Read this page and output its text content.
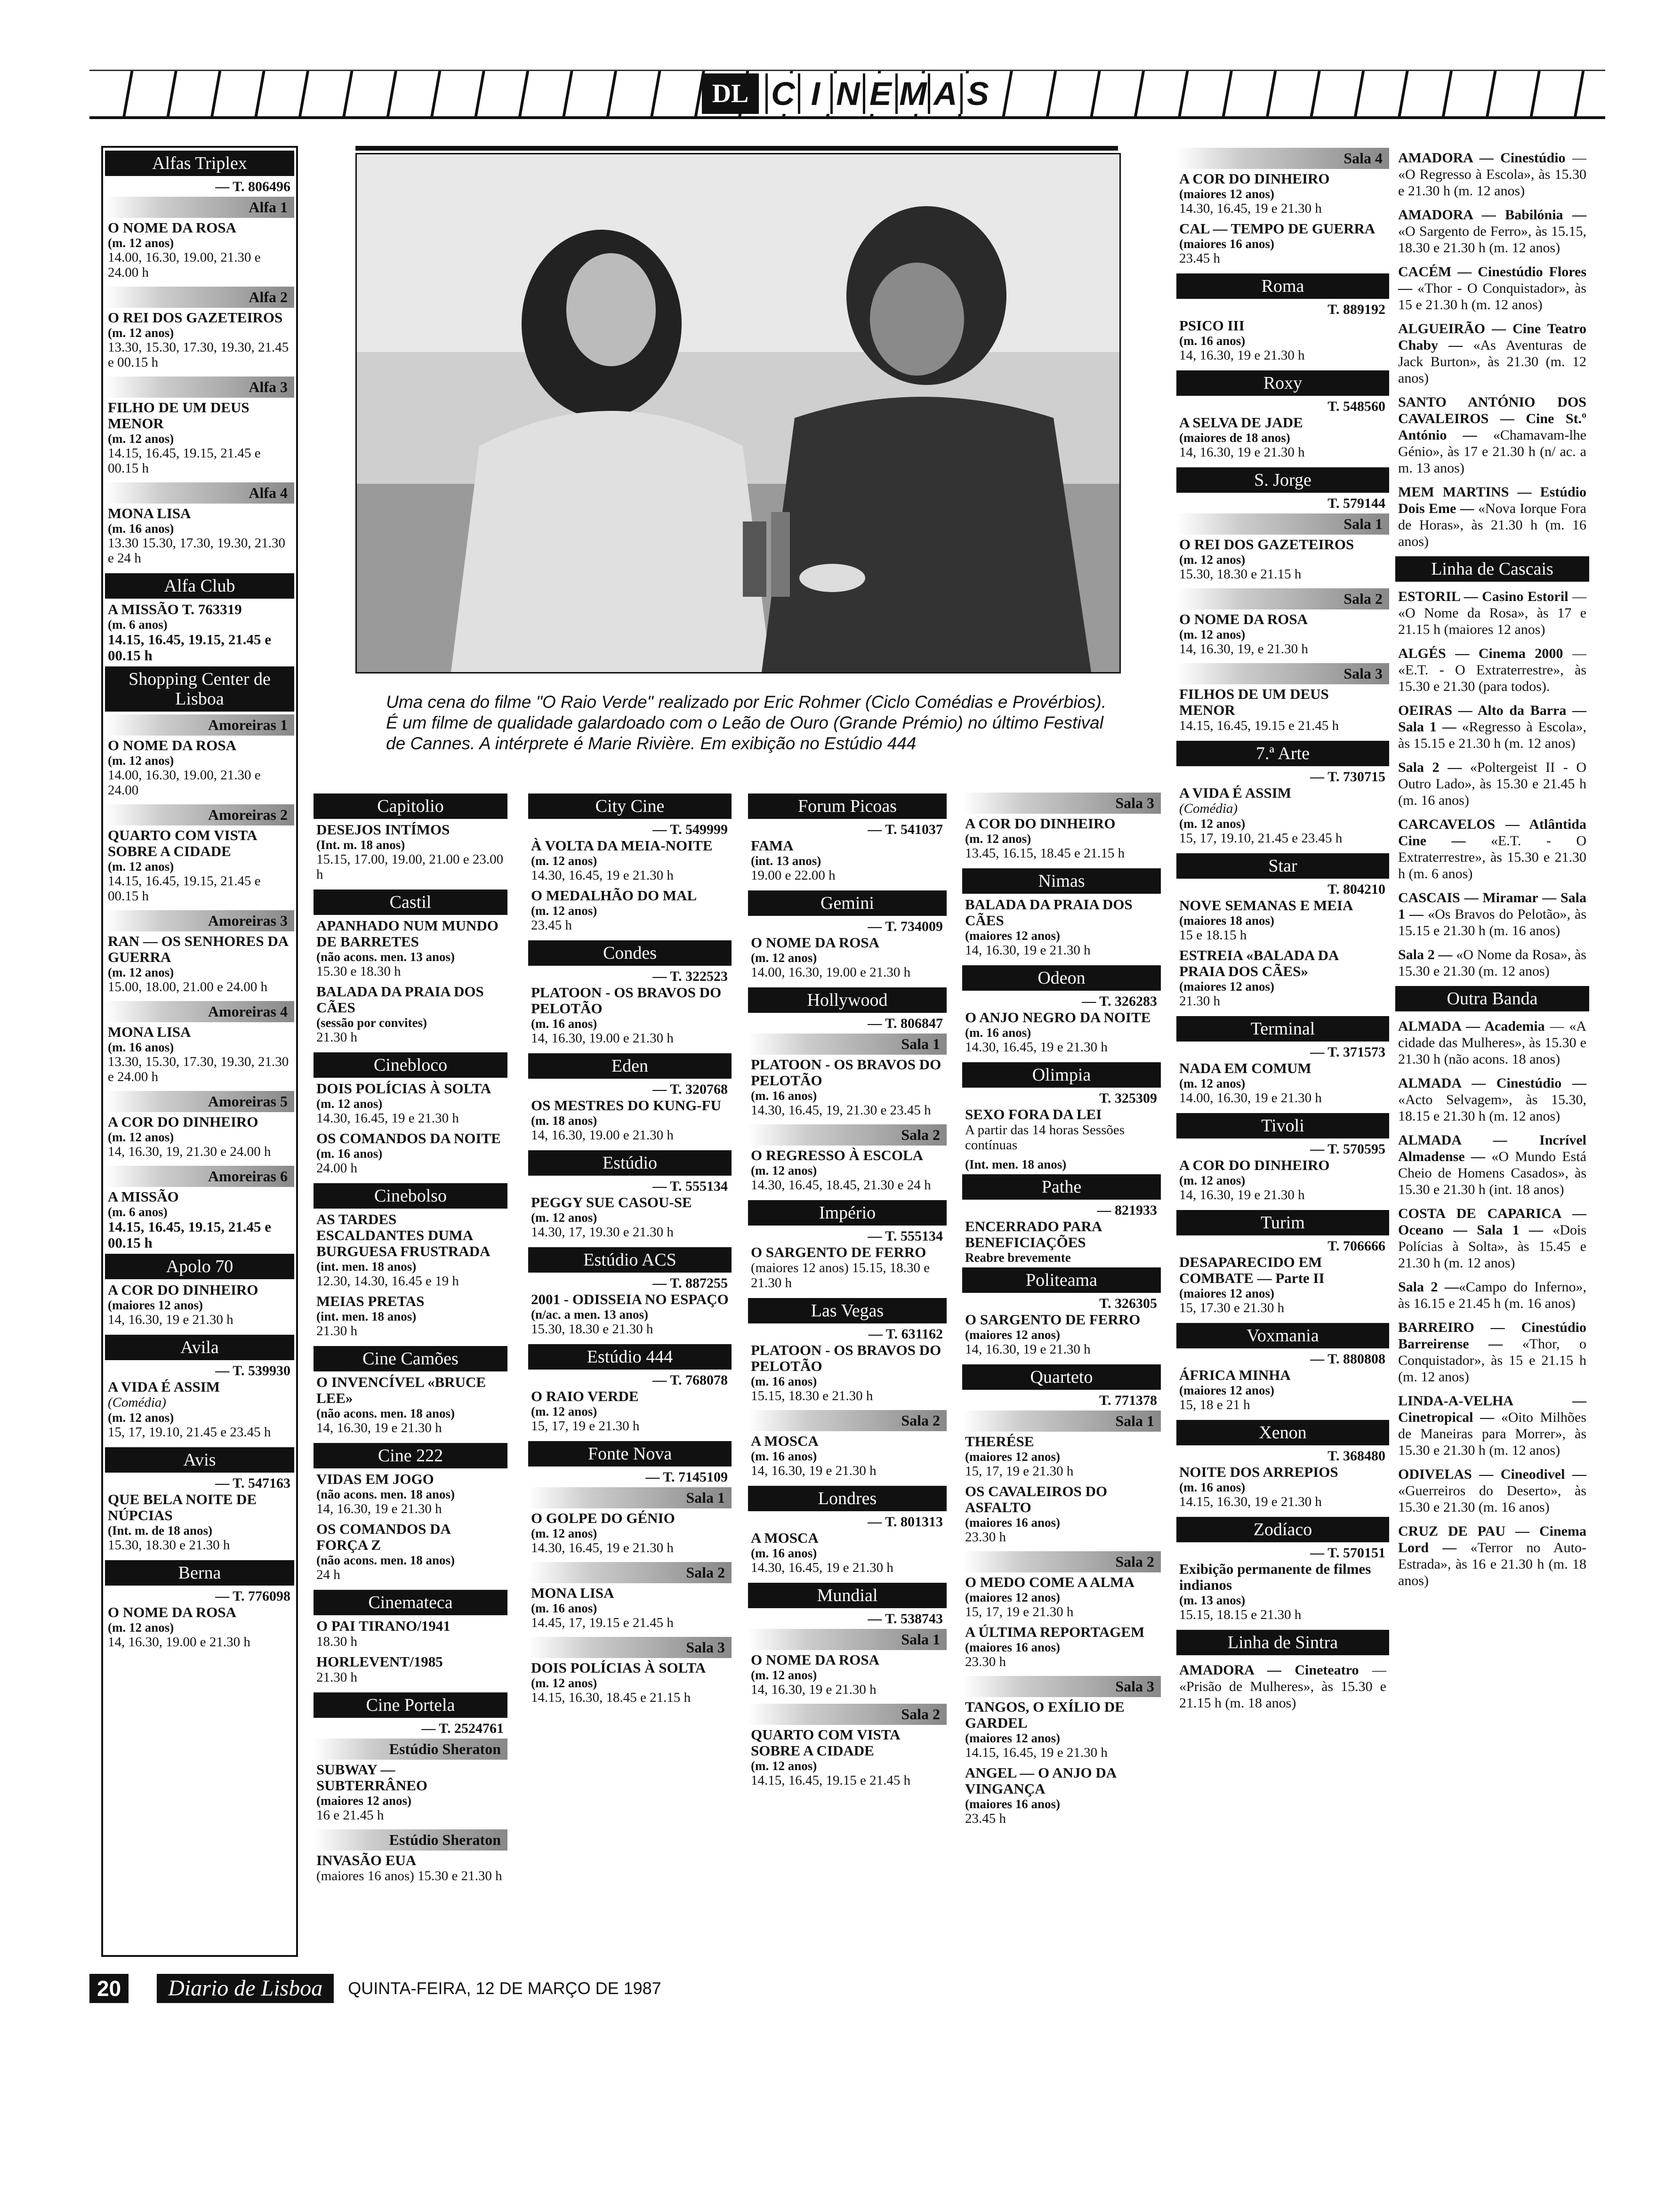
DL C I N E M A S
Alfas Triplex
— T. 806496
Alfa 1
O NOME DA ROSA
(m. 12 anos)
14.00, 16.30, 19.00, 21.30 e 24.00 h
Alfa 2
O REI DOS GAZETEIROS
(m. 12 anos)
13.30, 15.30, 17.30, 19.30, 21.45 e 00.15 h
Alfa 3
FILHO DE UM DEUS MENOR
(m. 12 anos)
14.15, 16.45, 19.15, 21.45 e 00.15 h
Alfa 4
MONA LISA
(m. 16 anos)
13.30 15.30, 17.30, 19.30, 21.30 e 24 h
Alfa Club
A MISSÃO T. 763319
(m. 6 anos)
14.15, 16.45, 19.15, 21.45 e 00.15 h
Shopping Center de Lisboa
Amoreiras 1
O NOME DA ROSA
(m. 12 anos)
14.00, 16.30, 19.00, 21.30 e 24.00
Amoreiras 2
QUARTO COM VISTA SOBRE A CIDADE
(m. 12 anos)
14.15, 16.45, 19.15, 21.45 e 00.15 h
Amoreiras 3
RAN — OS SENHORES DA GUERRA
(m. 12 anos)
15.00, 18.00, 21.00 e 24.00 h
Amoreiras 4
MONA LISA
(m. 16 anos)
13.30, 15.30, 17.30, 19.30, 21.30 e 24.00 h
Amoreiras 5
A COR DO DINHEIRO
(m. 12 anos)
14, 16.30, 19, 21.30 e 24.00 h
Amoreiras 6
A MISSÃO
(m. 6 anos)
14.15, 16.45, 19.15, 21.45 e 00.15 h
Apolo 70
A COR DO DINHEIRO
(maiores 12 anos)
14, 16.30, 19 e 21.30 h
Avila
— T. 539930
A VIDA É ASSIM
(Comédia)
(m. 12 anos)
15, 17, 19.10, 21.45 e 23.45 h
Avis
— T. 547163
QUE BELA NOITE DE NÚPCIAS
(Int. m. de 18 anos)
15.30, 18.30 e 21.30 h
Berna
— T. 776098
O NOME DA ROSA
(m. 12 anos)
14, 16.30, 19.00 e 21.30 h
Capitolio
DESEJOS INTÍMOS
(Int. m. 18 anos)
15.15, 17.00, 19.00, 21.00 e 23.00 h
Castil
APANHADO NUM MUNDO DE BARRETES
(não acons. men. 13 anos)
15.30 e 18.30 h
BALADA DA PRAIA DOS CÃES
(sessão por convites)
21.30 h
Cinebloco
DOIS POLÍCIAS À SOLTA
(m. 12 anos)
14.30, 16.45, 19 e 21.30 h
OS COMANDOS DA NOITE
(m. 16 anos)
24.00 h
Cinebolso
AS TARDES ESCALDANTES DUMA BURGUESA FRUSTRADA
(int. men. 18 anos)
12.30, 14.30, 16.45 e 19 h
MEIAS PRETAS
(int. men. 18 anos)
21.30 h
Cine Camões
O INVENCÍVEL «BRUCE LEE»
(não acons. men. 18 anos)
14, 16.30, 19 e 21.30 h
Cine 222
VIDAS EM JOGO
(não acons. men. 18 anos)
14, 16.30, 19 e 21.30 h
OS COMANDOS DA FORÇA Z
(não acons. men. 18 anos)
24 h
Cinemateca
O PAI TIRANO/1941
18.30 h
HORLEVENT/1985
21.30 h
Cine Portela
— T. 2524761
Estúdio Sheraton
SUBWAY — SUBTERRÂNEO
(maiores 12 anos)
16 e 21.45 h
Estúdio Sheraton
INVASÃO EUA
(maiores 16 anos) 15.30 e 21.30 h
City Cine
— T. 549999
À VOLTA DA MEIA-NOITE
(m. 12 anos)
14.30, 16.45, 19 e 21.30 h
O MEDALHÃO DO MAL
(m. 12 anos)
23.45 h
Condes
— T. 322523
PLATOON - OS BRAVOS DO PELOTÃO
(m. 16 anos)
14, 16.30, 19.00 e 21.30 h
Eden
— T. 320768
OS MESTRES DO KUNG-FU
(m. 18 anos)
14, 16.30, 19.00 e 21.30 h
Estúdio
— T. 555134
PEGGY SUE CASOU-SE
(m. 12 anos)
14.30, 17, 19.30 e 21.30 h
Estúdio ACS
— T. 887255
2001 - ODISSEIA NO ESPAÇO
(n/ac. a men. 13 anos)
15.30, 18.30 e 21.30 h
Estúdio 444
— T. 768078
O RAIO VERDE
(m. 12 anos)
15, 17, 19 e 21.30 h
Fonte Nova
— T. 7145109
Sala 1
O GOLPE DO GÉNIO
(m. 12 anos)
14.30, 16.45, 19 e 21.30 h
Sala 2
MONA LISA
(m. 16 anos)
14.45, 17, 19.15 e 21.45 h
Sala 3
DOIS POLÍCIAS À SOLTA
(m. 12 anos)
14.15, 16.30, 18.45 e 21.15 h
Forum Picoas
— T. 541037
FAMA
(int. 13 anos)
19.00 e 22.00 h
Gemini
— T. 734009
O NOME DA ROSA
(m. 12 anos)
14.00, 16.30, 19.00 e 21.30 h
Hollywood
— T. 806847
Sala 1
PLATOON - OS BRAVOS DO PELOTÃO
(m. 16 anos)
14.30, 16.45, 19, 21.30 e 23.45 h
Sala 2
O REGRESSO À ESCOLA
(m. 12 anos)
14.30, 16.45, 18.45, 21.30 e 24 h
Império
— T. 555134
O SARGENTO DE FERRO
(maiores 12 anos) 15.15, 18.30 e 21.30 h
Las Vegas
— T. 631162
PLATOON - OS BRAVOS DO PELOTÃO
(m. 16 anos)
15.15, 18.30 e 21.30 h
Sala 2
A MOSCA
(m. 16 anos)
14, 16.30, 19 e 21.30 h
Londres
— T. 801313
A MOSCA
(m. 16 anos)
14.30, 16.45, 19 e 21.30 h
Mundial
— T. 538743
Sala 1
O NOME DA ROSA
(m. 12 anos)
14, 16.30, 19 e 21.30 h
Sala 2
QUARTO COM VISTA SOBRE A CIDADE
(m. 12 anos)
14.15, 16.45, 19.15 e 21.45 h
Sala 3
A COR DO DINHEIRO
(m. 12 anos)
13.45, 16.15, 18.45 e 21.15 h
Nimas
BALADA DA PRAIA DOS CÃES
(maiores 12 anos)
14, 16.30, 19 e 21.30 h
Odeon
— T. 326283
O ANJO NEGRO DA NOITE
(m. 16 anos)
14.30, 16.45, 19 e 21.30 h
Olimpia
T. 325309
SEXO FORA DA LEI
A partir das 14 horas Sessões contínuas
(Int. men. 18 anos)
Pathe
— 821933
ENCERRADO PARA BENEFICIAÇÕES
Reabre brevemente
Politeama
T. 326305
O SARGENTO DE FERRO
(maiores 12 anos)
14, 16.30, 19 e 21.30 h
Quarteto
T. 771378
Sala 1
THERÉSE
(maiores 12 anos)
15, 17, 19 e 21.30 h
OS CAVALEIROS DO ASFALTO
(maiores 16 anos)
23.30 h
Sala 2
O MEDO COME A ALMA
(maiores 12 anos)
15, 17, 19 e 21.30 h
A ÚLTIMA REPORTAGEM
(maiores 16 anos)
23.30 h
Sala 3
TANGOS, O EXÍLIO DE GARDEL
(maiores 12 anos)
14.15, 16.45, 19 e 21.30 h
ANGEL — O ANJO DA VINGANÇA
(maiores 16 anos)
23.45 h
Sala 4
A COR DO DINHEIRO
(maiores 12 anos)
14.30, 16.45, 19 e 21.30 h
CAL — TEMPO DE GUERRA
(maiores 16 anos)
23.45 h
Roma
T. 889192
PSICO III
(m. 16 anos)
14, 16.30, 19 e 21.30 h
Roxy
T. 548560
A SELVA DE JADE
(maiores de 18 anos)
14, 16.30, 19 e 21.30 h
S. Jorge
T. 579144
Sala 1
O REI DOS GAZETEIROS
(m. 12 anos)
15.30, 18.30 e 21.15 h
Sala 2
O NOME DA ROSA
(m. 12 anos)
14, 16.30, 19, e 21.30 h
Sala 3
FILHOS DE UM DEUS MENOR
14.15, 16.45, 19.15 e 21.45 h
7.ª Arte
— T. 730715
A VIDA É ASSIM
(Comédia)
(m. 12 anos)
15, 17, 19.10, 21.45 e 23.45 h
Star
T. 804210
NOVE SEMANAS E MEIA
(maiores 18 anos)
15 e 18.15 h
ESTREIA «BALADA DA PRAIA DOS CÃES»
(maiores 12 anos)
21.30 h
Terminal
— T. 371573
NADA EM COMUM
(m. 12 anos)
14.00, 16.30, 19 e 21.30 h
Tivoli
— T. 570595
A COR DO DINHEIRO
(m. 12 anos)
14, 16.30, 19 e 21.30 h
Turim
T. 706666
DESAPARECIDO EM COMBATE — Parte II
(maiores 12 anos)
15, 17.30 e 21.30 h
Voxmania
— T. 880808
ÁFRICA MINHA
(maiores 12 anos)
15, 18 e 21 h
Xenon
T. 368480
NOITE DOS ARREPIOS
(m. 16 anos)
14.15, 16.30, 19 e 21.30 h
Zodíaco
— T. 570151
Exibição permanente de filmes indianos
(m. 13 anos)
15.15, 18.15 e 21.30 h
Linha de Sintra
AMADORA — Cineteatro — «Prisão de Mulheres», às 15.30 e 21.15 h (m. 18 anos)
AMADORA — Cinestúdio — «O Regresso à Escola», às 15.30 e 21.30 h (m. 12 anos)
AMADORA — Babilónia — «O Sargento de Ferro», às 15.15, 18.30 e 21.30 h (m. 12 anos)
CACÉM — Cinestúdio Flores — «Thor - O Conquistador», às 15 e 21.30 h (m. 12 anos)
ALGUEIRÃO — Cine Teatro Chaby — «As Aventuras de Jack Burton», às 21.30 (m. 12 anos)
SANTO ANTÓNIO DOS CAVALEIROS — Cine St.º António — «Chamavam-lhe Génio», às 17 e 21.30 h (n/ ac. a m. 13 anos)
MEM MARTINS — Estúdio Dois Eme — «Nova Iorque Fora de Horas», às 21.30 h (m. 16 anos)
Linha de Cascais
ESTORIL — Casino Estoril — «O Nome da Rosa», às 17 e 21.15 h (maiores 12 anos)
ALGÉS — Cinema 2000 — «E.T. - O Extraterrestre», às 15.30 e 21.30 (para todos).
OEIRAS — Alto da Barra — Sala 1 — «Regresso à Escola», às 15.15 e 21.30 h (m. 12 anos)
Sala 2 — «Poltergeist II - O Outro Lado», às 15.30 e 21.45 h (m. 16 anos)
CARCAVELOS — Atlântida Cine — «E.T. - O Extraterrestre», às 15.30 e 21.30 h (m. 6 anos)
CASCAIS — Miramar — Sala 1 — «Os Bravos do Pelotão», às 15.15 e 21.30 h (m. 16 anos)
Sala 2 — «O Nome da Rosa», às 15.30 e 21.30 (m. 12 anos)
Outra Banda
ALMADA — Academia — «A cidade das Mulheres», às 15.30 e 21.30 h (não acons. 18 anos)
ALMADA — Cinestúdio — «Acto Selvagem», às 15.30, 18.15 e 21.30 h (m. 12 anos)
ALMADA — Incrível Almadense — «O Mundo Está Cheio de Homens Casados», às 15.30 e 21.30 h (int. 18 anos)
COSTA DE CAPARICA — Oceano — Sala 1 — «Dois Polícias à Solta», às 15.45 e 21.30 h (m. 12 anos)
Sala 2 —«Campo do Inferno», às 16.15 e 21.45 h (m. 16 anos)
BARREIRO — Cinestúdio Barreirense — «Thor, o Conquistador», às 15 e 21.15 h (m. 12 anos)
LINDA-A-VELHA — Cinetropical — «Oito Milhões de Maneiras para Morrer», às 15.30 e 21.30 h (m. 12 anos)
ODIVELAS — Cineodivel — «Guerreiros do Deserto», às 15.30 e 21.30 (m. 16 anos)
CRUZ DE PAU — Cinema Lord — «Terror no Auto-Estrada», às 16 e 21.30 h (m. 18 anos)
Uma cena do filme "O Raio Verde" realizado por Eric Rohmer (Ciclo Comédias e Provérbios). É um filme de qualidade galardoado com o Leão de Ouro (Grande Prémio) no último Festival de Cannes. A intérprete é Marie Rivière. Em exibição no Estúdio 444
20	Diario de Lisboa	QUINTA-FEIRA, 12 DE MARÇO DE 1987
